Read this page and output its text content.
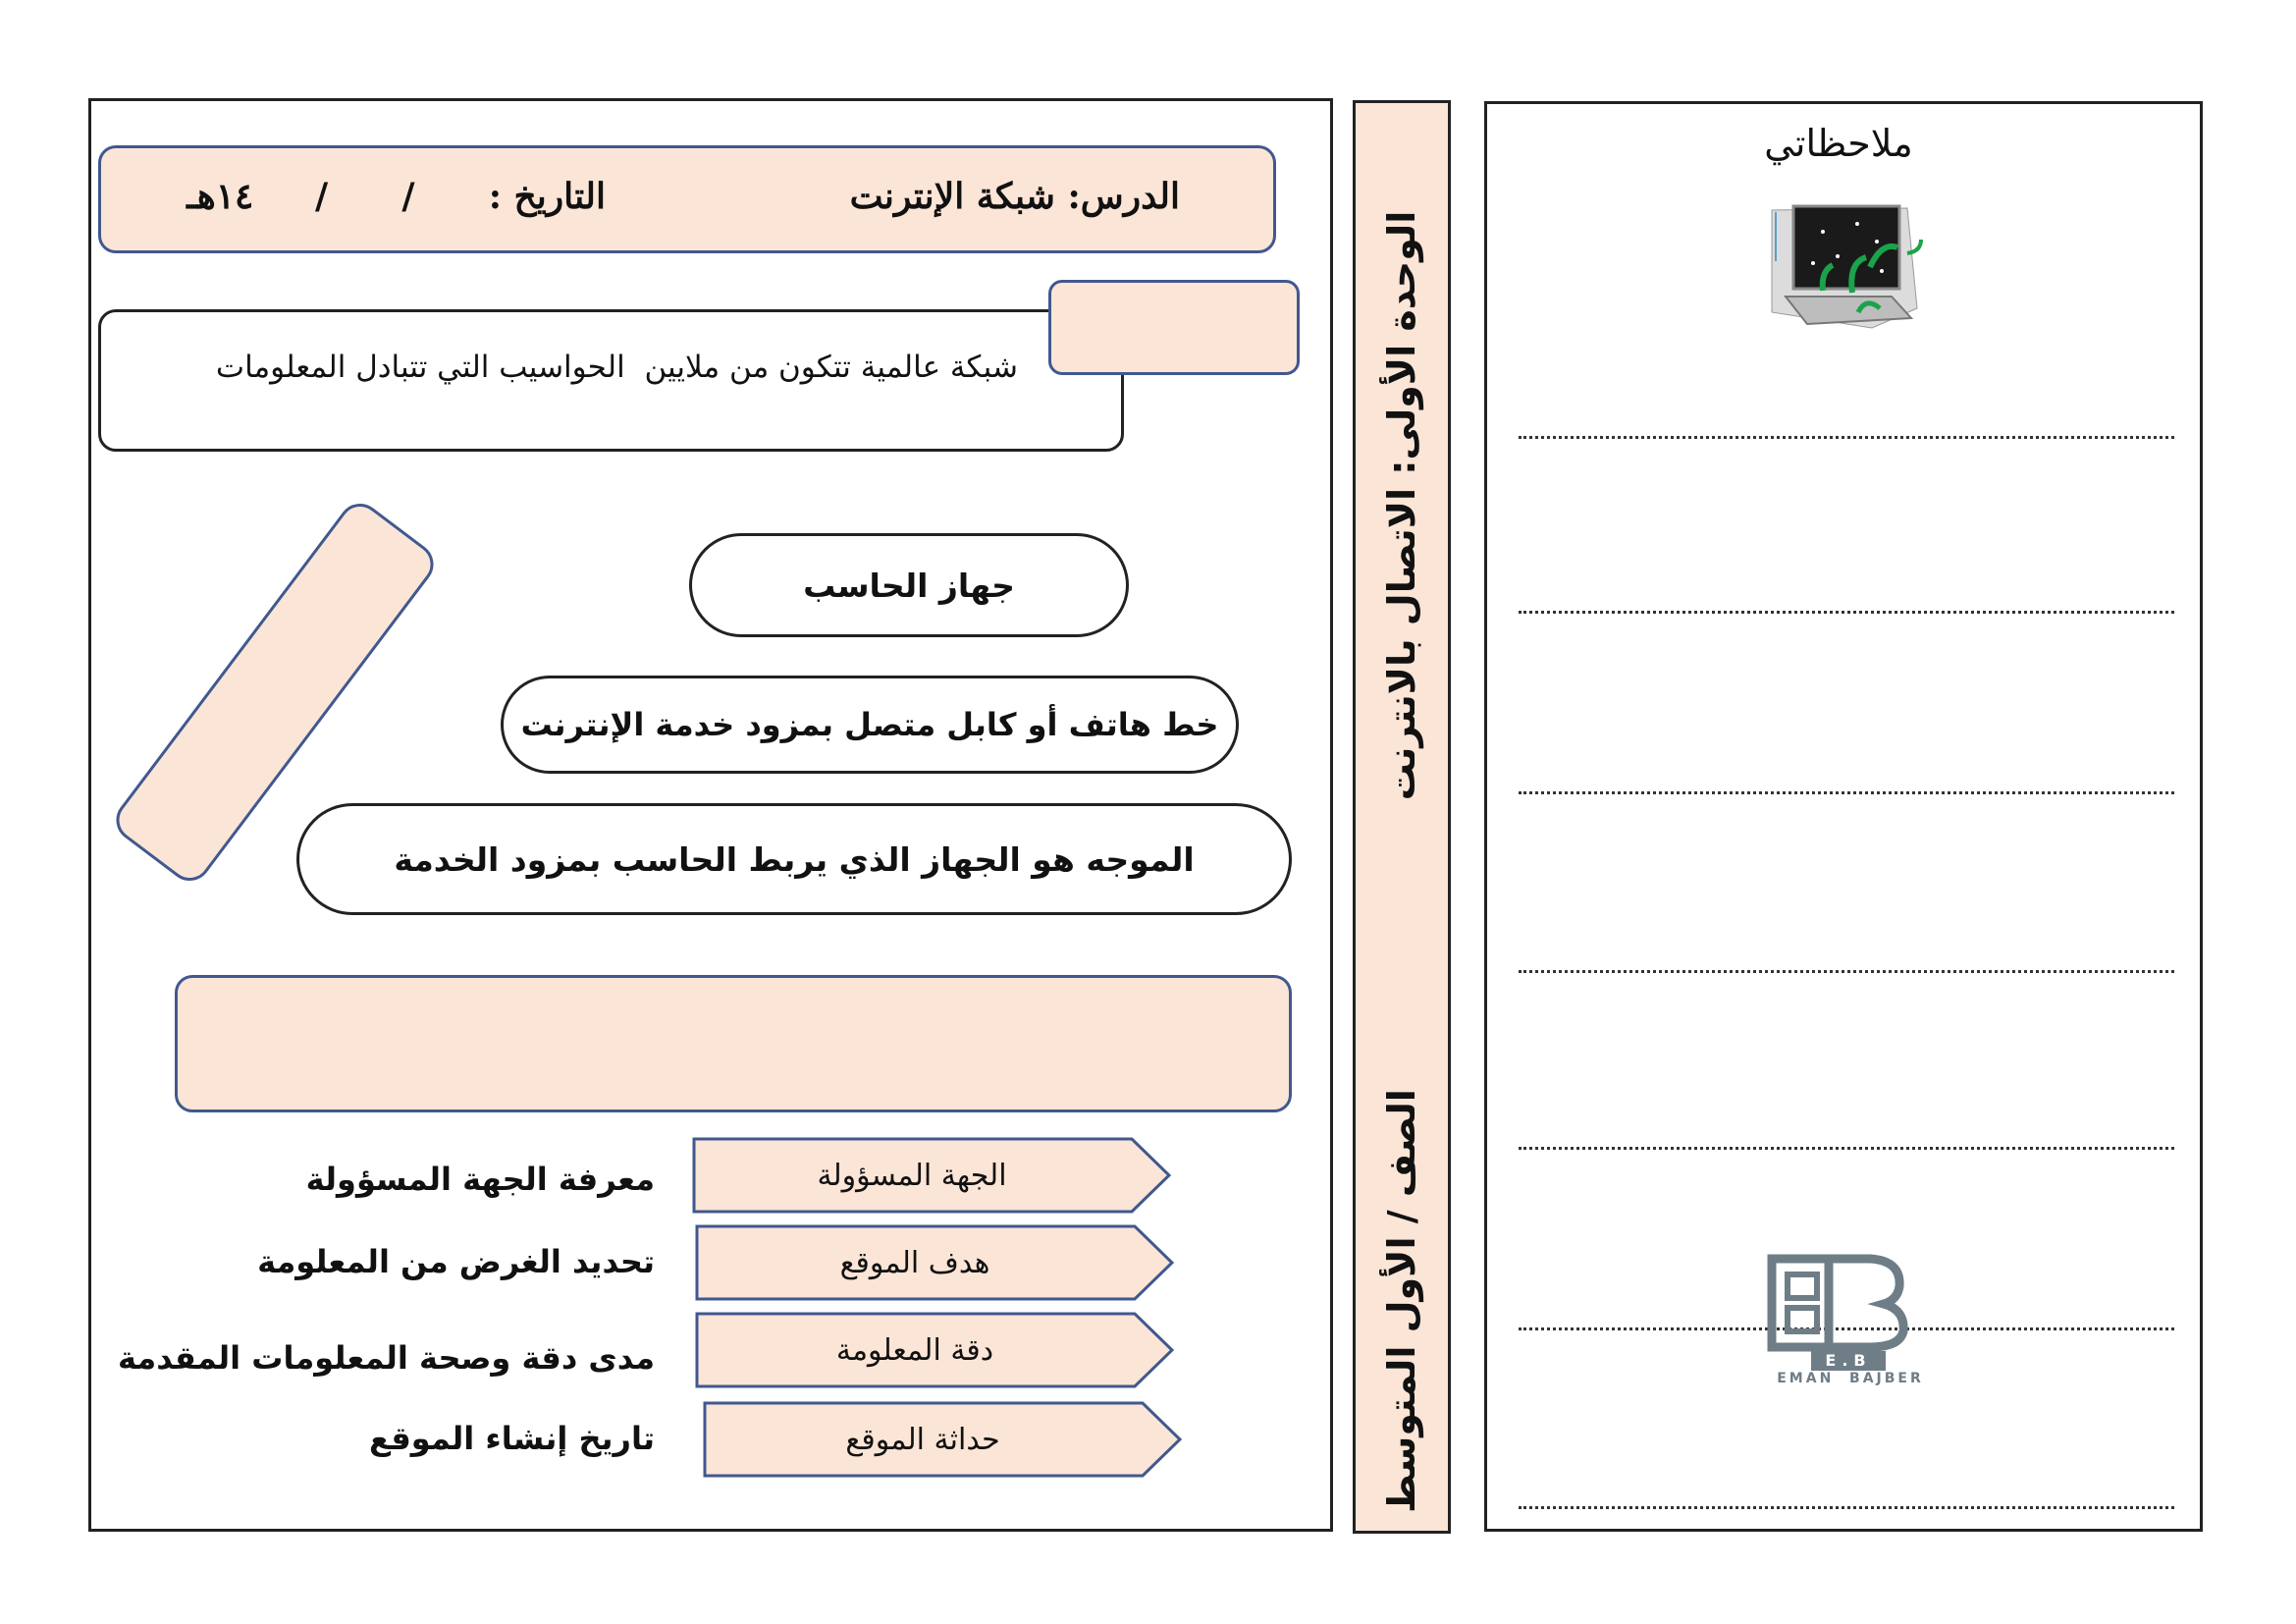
الدرس: شبكة الإنترنت
التاريخ :      /      /     ١٤هـ
شبكة عالمية تتكون من ملايين  الحواسيب التي تتبادل المعلومات
جهاز الحاسب
خط هاتف أو كابل متصل بمزود خدمة الإنترنت
الموجه هو الجهاز الذي يربط الحاسب بمزود الخدمة
الجهة المسؤولة
معرفة الجهة المسؤولة
هدف الموقع
تحديد الغرض من المعلومة
دقة المعلومة
مدى دقة وصحة المعلومات المقدمة
حداثة الموقع
تاريخ إنشاء الموقع
الوحدة الأولى: الاتصال بالانترنت
الصف / الأول المتوسط
ملاحظاتي
E.B
EMAN  BAJBER
